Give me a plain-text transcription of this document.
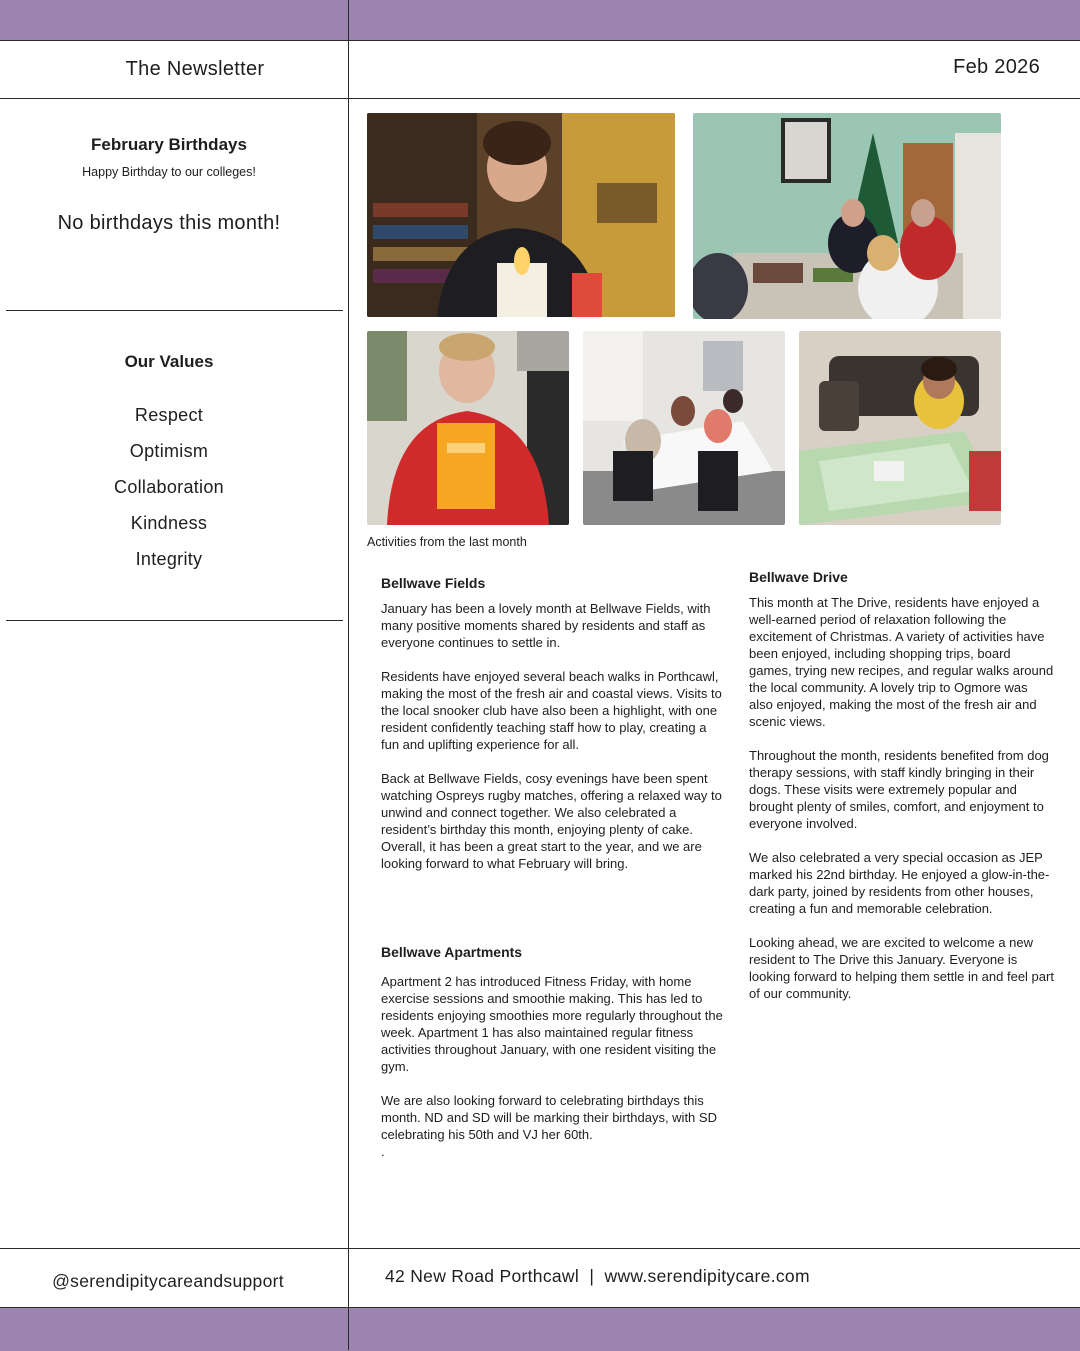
The Newsletter	Feb 2026
February Birthdays
Happy Birthday to our colleges!
No birthdays this month!
Our Values
Respect
Optimism
Collaboration
Kindness
Integrity
Activities from the last month
Bellwave Fields

January has been a lovely month at Bellwave Fields, with many positive moments shared by residents and staff as everyone continues to settle in.

Residents have enjoyed several beach walks in Porthcawl, making the most of the fresh air and coastal views. Visits to the local snooker club have also been a highlight, with one resident confidently teaching staff how to play, creating a fun and uplifting experience for all.

Back at Bellwave Fields, cosy evenings have been spent watching Ospreys rugby matches, offering a relaxed way to unwind and connect together. We also celebrated a resident’s birthday this month, enjoying plenty of cake.

Overall, it has been a great start to the year, and we are looking forward to what February will bring.

Bellwave Apartments

Apartment 2 has introduced Fitness Friday, with home exercise sessions and smoothie making. This has led to residents enjoying smoothies more regularly throughout the week. Apartment 1 has also maintained regular fitness activities throughout January, with one resident visiting the gym.

We are also looking forward to celebrating birthdays this month. ND and SD will be marking their birthdays, with SD celebrating his 50th and VJ her 60th.

.

Bellwave Drive

This month at The Drive, residents have enjoyed a well-earned period of relaxation following the excitement of Christmas. A variety of activities have been enjoyed, including shopping trips, board games, trying new recipes, and regular walks around the local community. A lovely trip to Ogmore was also enjoyed, making the most of the fresh air and scenic views.

Throughout the month, residents benefited from dog therapy sessions, with staff kindly bringing in their dogs. These visits were extremely popular and brought plenty of smiles, comfort, and enjoyment to everyone involved.

We also celebrated a very special occasion as JEP marked his 22nd birthday. He enjoyed a glow-in-the-dark party, joined by residents from other houses, creating a fun and memorable celebration.

Looking ahead, we are excited to welcome a new resident to The Drive this January. Everyone is looking forward to helping them settle in and feel part of our community.

@serendipitycareandsupport	42 New Road Porthcawl  |  www.serendipitycare.com
